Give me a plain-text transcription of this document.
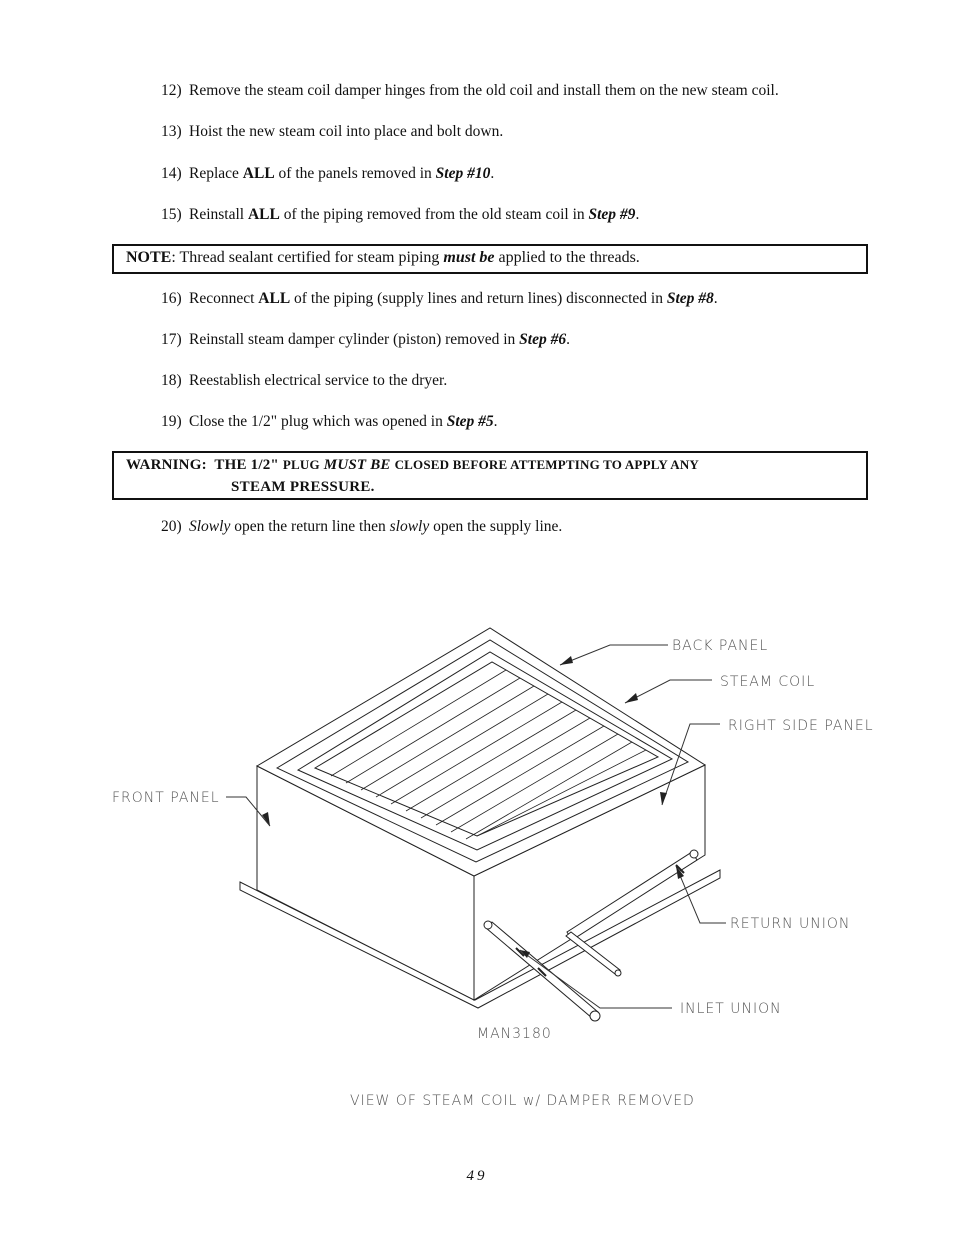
12) Remove the steam coil damper hinges from the old coil and install them on the new steam coil.
13) Hoist the new steam coil into place and bolt down.
14) Replace ALL of the panels removed in Step #10.
15) Reinstall ALL of the piping removed from the old steam coil in Step #9.
NOTE: Thread sealant certified for steam piping must be applied to the threads.
16) Reconnect ALL of the piping (supply lines and return lines) disconnected in Step #8.
17) Reinstall steam damper cylinder (piston) removed in Step #6.
18) Reestablish electrical service to the dryer.
19) Close the 1/2" plug which was opened in Step #5.
WARNING: THE 1/2" PLUG MUST BE CLOSED BEFORE ATTEMPTING TO APPLY ANY
STEAM PRESSURE.
20) Slowly open the return line then slowly open the supply line.
BACK PANEL
STEAM COIL
RIGHT SIDE PANEL
FRONT PANEL
RETURN UNION
INLET UNION
MAN3180
VIEW OF STEAM COIL w/ DAMPER REMOVED
49
